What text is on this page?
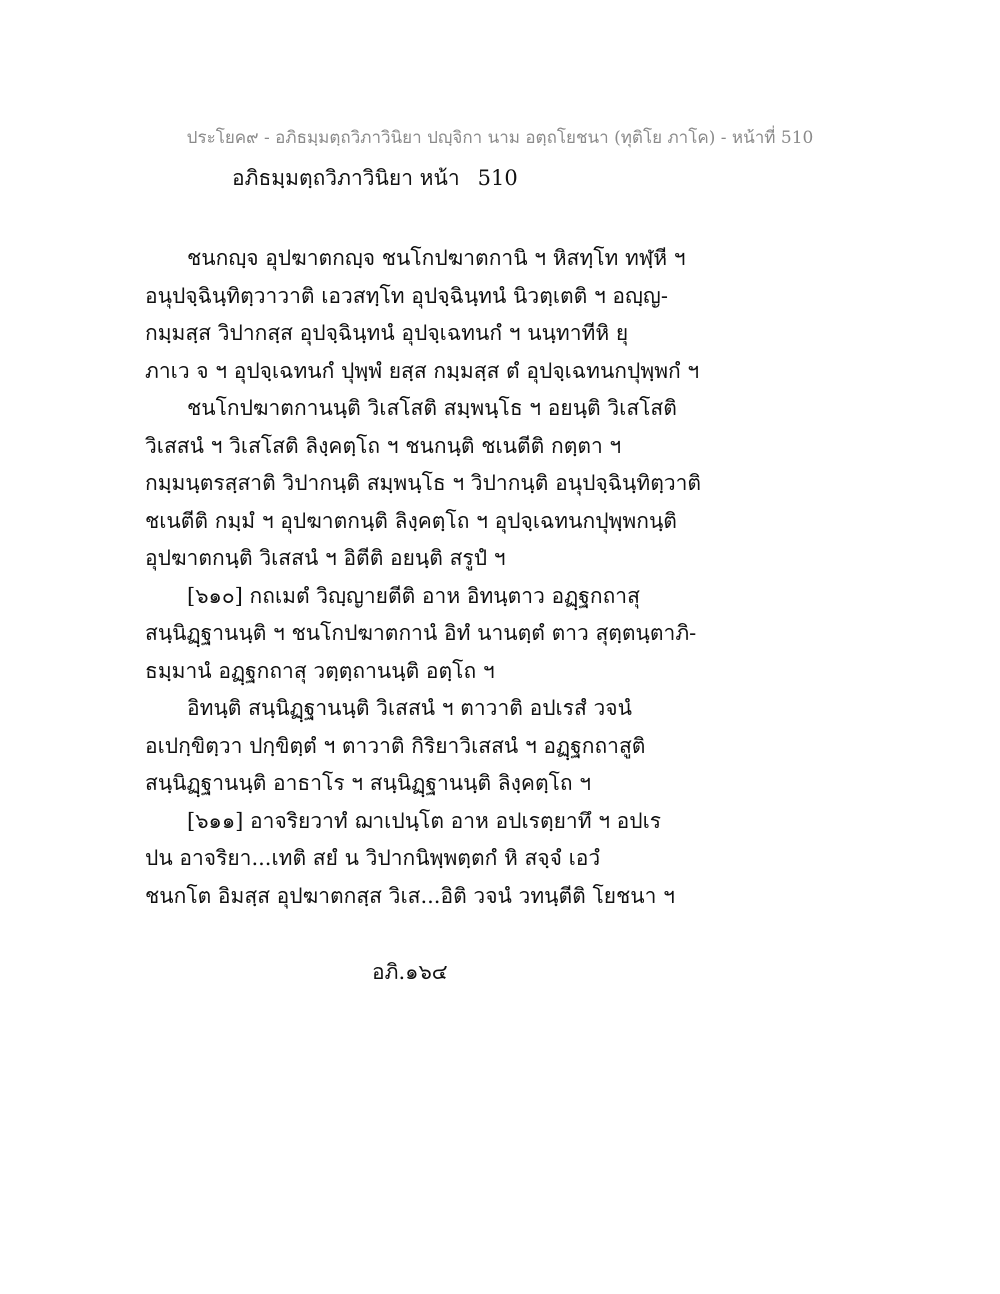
ประโยค๙ - อภิธมฺมตฺถวิภาวินิยา ปญฺจิกา นาม อตฺถโยชนา (ทุติโย ภาโค) - หน้าที่ 510
อภิธมฺมตฺถวิภาวินิยา หน้า 510
ชนกญฺจ อุปฆาตกญฺจ ชนโกปฆาตกานิ ฯ หิสทฺโท ทฬฺหี ฯ
อนุปจฺฉินฺทิตฺวาวาติ เอวสทฺโท อุปจฺฉินฺทนํ นิวตฺเตติ ฯ อญฺญ-
กมฺมสฺส วิปากสฺส อุปจฺฉินฺทนํ อุปจฺเฉทนกํ ฯ นนฺทาทีหิ ยุ
ภาเว จ ฯ อุปจฺเฉทนกํ ปุพฺพํ ยสฺส กมฺมสฺส ตํ อุปจฺเฉทนกปุพฺพกํ ฯ
ชนโกปฆาตกานนฺติ วิเสโสติ สมฺพนฺโธ ฯ อยนฺติ วิเสโสติ
วิเสสนํ ฯ วิเสโสติ ลิงฺคตฺโถ ฯ ชนกนฺติ ชเนตีติ กตฺตา ฯ
กมฺมนฺตรสฺสาติ วิปากนฺติ สมฺพนฺโธ ฯ วิปากนฺติ อนุปจฺฉินฺทิตฺวาติ
ชเนตีติ กมฺมํ ฯ อุปฆาตกนฺติ ลิงฺคตฺโถ ฯ อุปจฺเฉทนกปุพฺพกนฺติ
อุปฆาตกนฺติ วิเสสนํ ฯ อิตีติ อยนฺติ สรูปํ ฯ
[๖๑๐] กถเมตํ วิญฺญายตีติ อาห อิทนฺตาว อฏฺฐกถาสุ
สนฺนิฏฺฐานนฺติ ฯ ชนโกปฆาตกานํ อิทํ นานตฺตํ ตาว สุตฺตนฺตาภิ-
ธมฺมานํ อฏฺฐกถาสุ วตฺตฺถานนฺติ อตฺโถ ฯ
อิทนฺติ สนฺนิฏฺฐานนฺติ วิเสสนํ ฯ ตาวาติ อปเรสํ วจนํ
อเปกฺขิตฺวา ปกฺขิตฺตํ ฯ ตาวาติ กิริยาวิเสสนํ ฯ อฏฺฐกถาสูติ
สนฺนิฏฺฐานนฺติ อาธาโร ฯ สนฺนิฏฺฐานนฺติ ลิงฺคตฺโถ ฯ
[๖๑๑] อาจริยวาทํ ฌาเปนฺโต อาห อปเรตฺยาทึ ฯ อปเร
ปน อาจริยา...เทติ สยํ น วิปากนิพฺพตฺตกํ หิ สจฺจํ เอวํ
ชนกโต อิมสฺส อุปฆาตกสฺส วิเส...อิติ วจนํ วทนฺตีติ โยชนา ฯ
อภิ.๑๖๔
